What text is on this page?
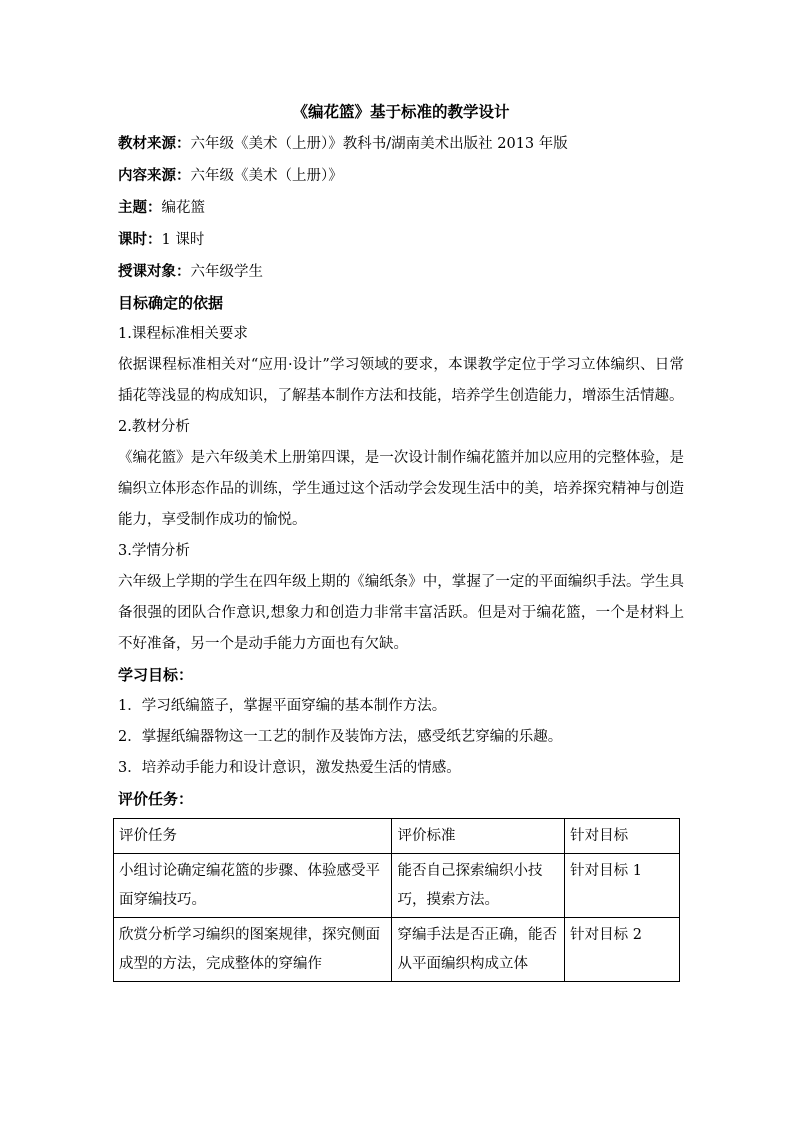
《编花篮》基于标准的教学设计
教材来源：六年级《美术（上册）》教科书/湖南美术出版社 2013 年版
内容来源：六年级《美术（上册）》
主题：编花篮
课时：1 课时
授课对象：六年级学生
目标确定的依据
1.课程标准相关要求
依据课程标准相关对“应用·设计”学习领域的要求，本课教学定位于学习立体编织、日常插花等浅显的构成知识，了解基本制作方法和技能，培养学生创造能力，增添生活情趣。
2.教材分析
《编花篮》是六年级美术上册第四课，是一次设计制作编花篮并加以应用的完整体验，是编织立体形态作品的训练，学生通过这个活动学会发现生活中的美，培养探究精神与创造能力，享受制作成功的愉悦。
3.学情分析
六年级上学期的学生在四年级上期的《编纸条》中，掌握了一定的平面编织手法。学生具备很强的团队合作意识,想象力和创造力非常丰富活跃。但是对于编花篮，一个是材料上不好准备，另一个是动手能力方面也有欠缺。
学习目标：
1．学习纸编篮子，掌握平面穿编的基本制作方法。
2．掌握纸编器物这一工艺的制作及装饰方法，感受纸艺穿编的乐趣。
3．培养动手能力和设计意识，激发热爱生活的情感。
评价任务：
评价任务	评价标准	针对目标
小组讨论确定编花篮的步骤、体验感受平面穿编技巧。	能否自己探索编织小技巧，摸索方法。	针对目标 1
欣赏分析学习编织的图案规律，探究侧面成型的方法，完成整体的穿编作	穿编手法是否正确，能否从平面编织构成立体	针对目标 2
